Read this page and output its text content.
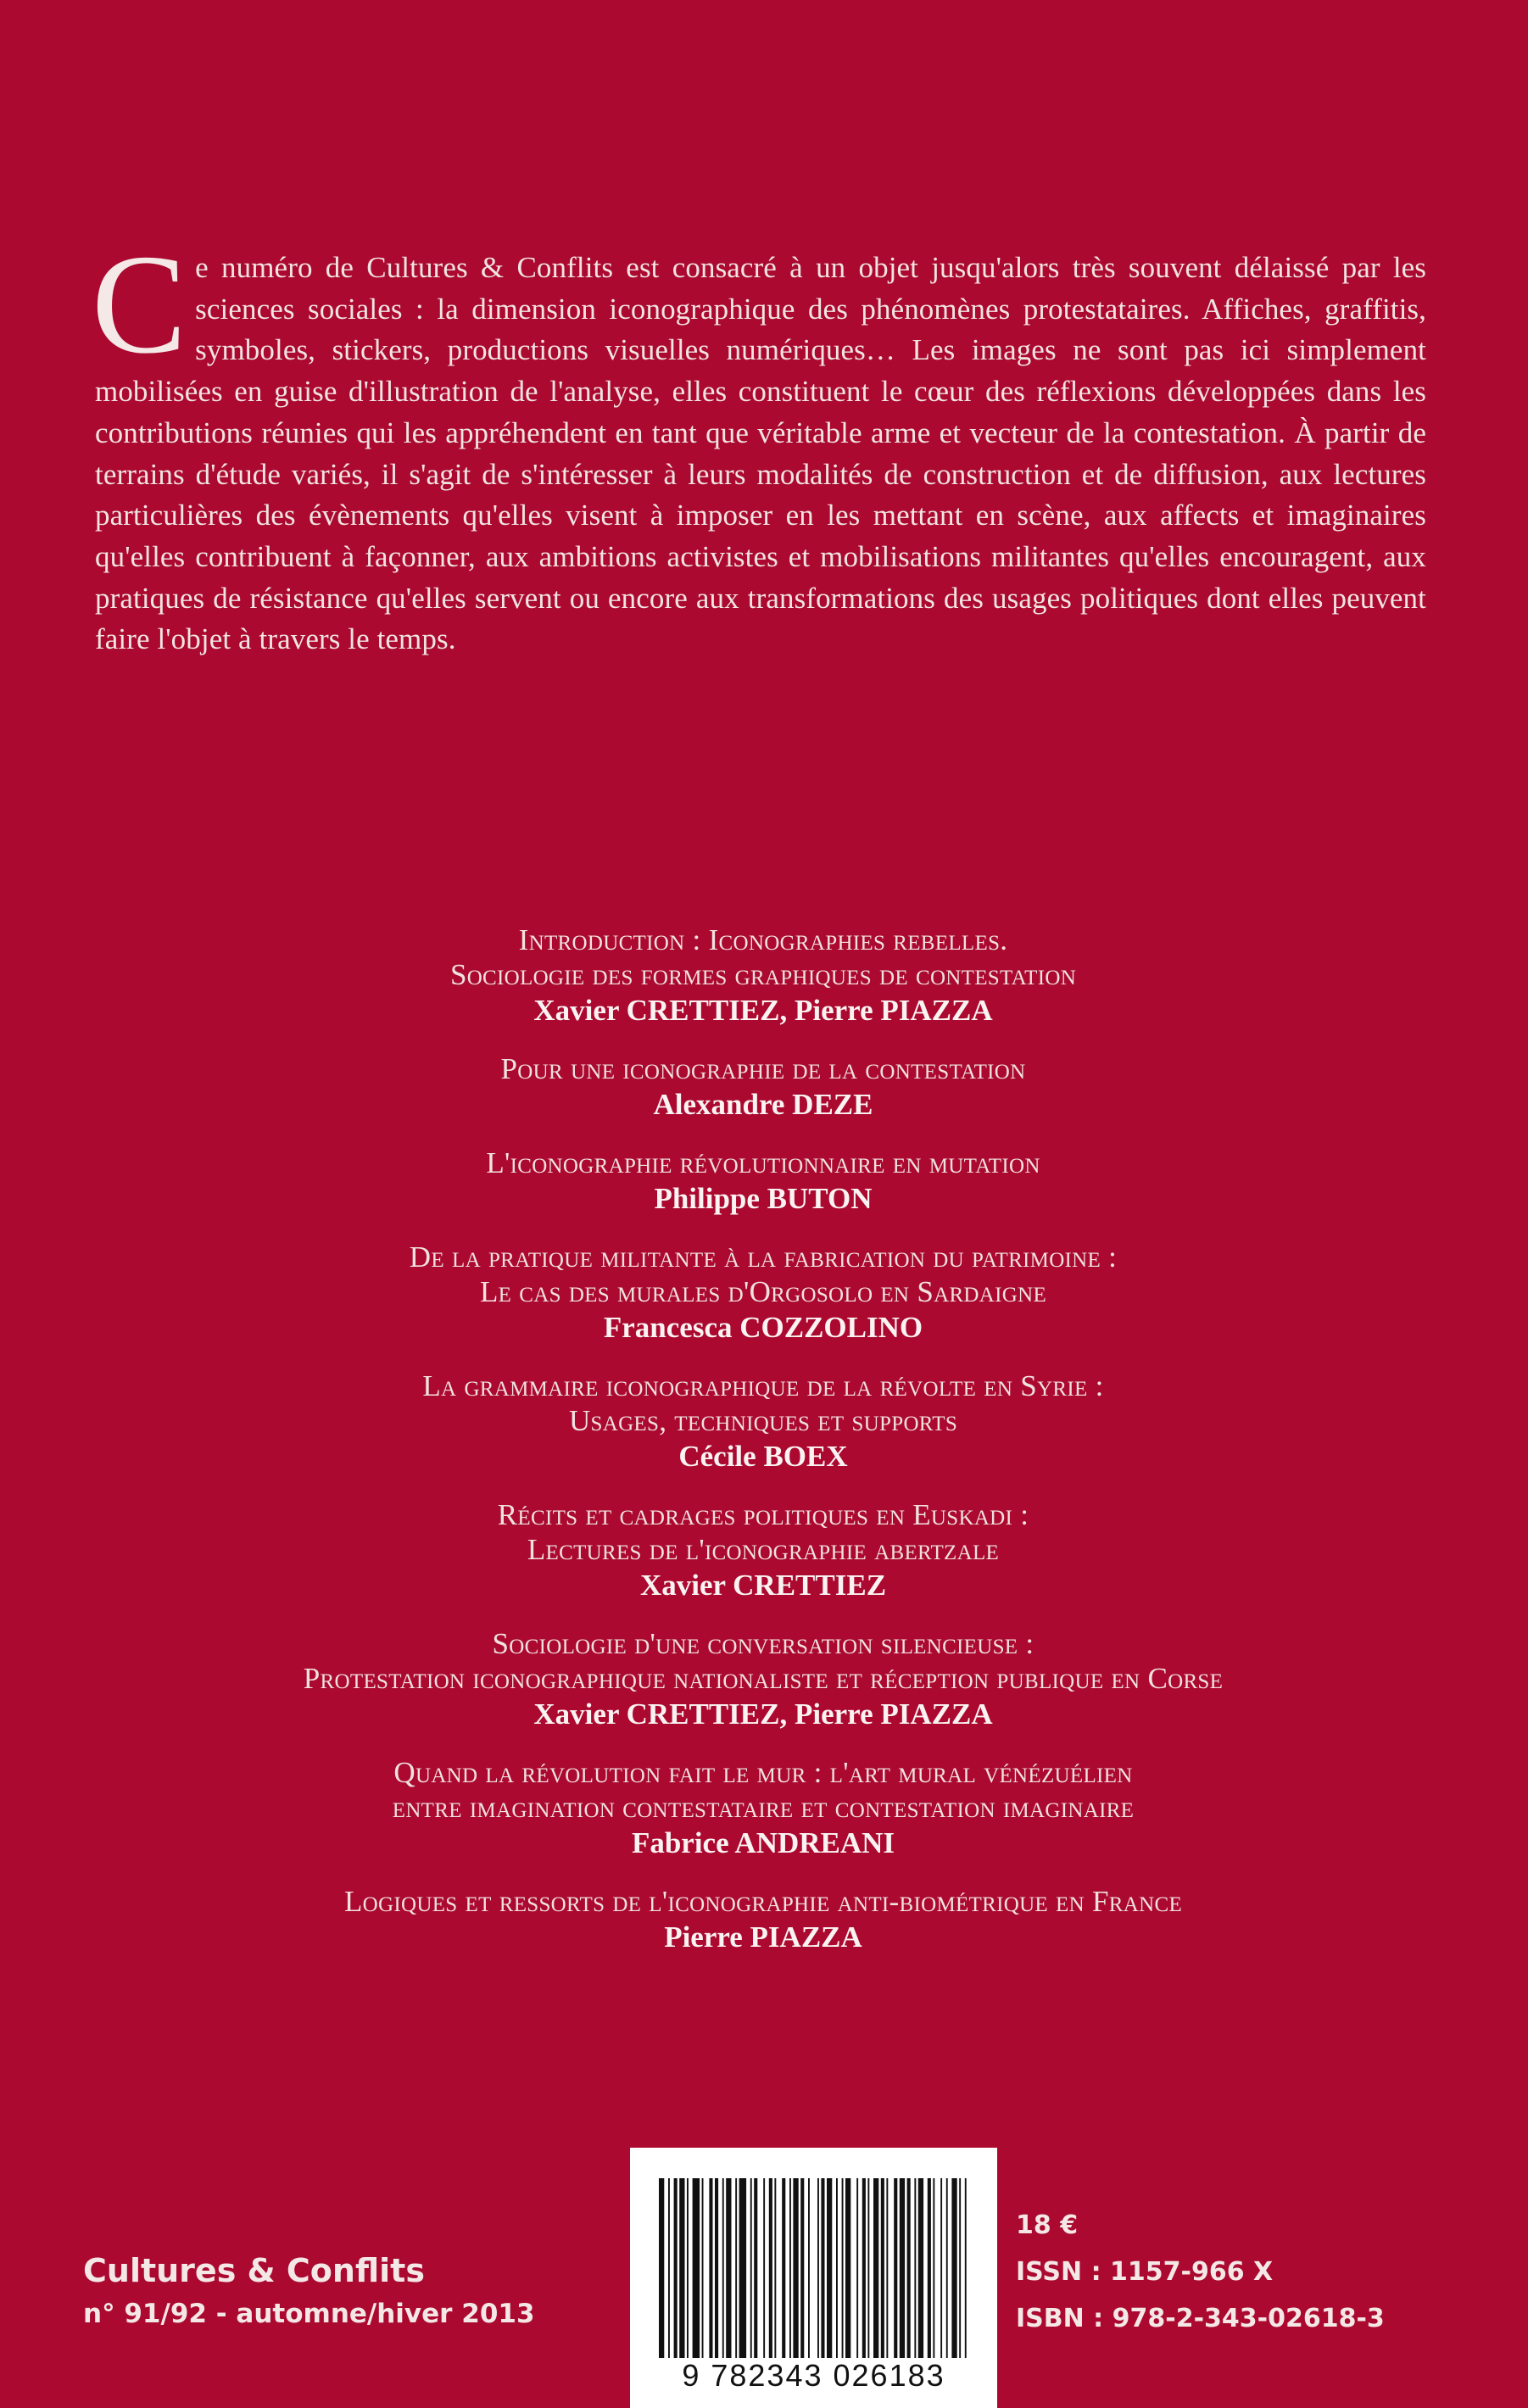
C e numéro de Cultures & Conflits est consacré à un objet jusqu'alors très souvent délaissé par les sciences sociales : la dimension iconographique des phénomènes protestataires. Affiches, graffitis, symboles, stickers, productions visuelles numériques… Les images ne sont pas ici simplement mobilisées en guise d'illustration de l'analyse, elles constituent le cœur des réflexions développées dans les contributions réunies qui les appréhendent en tant que véritable arme et vecteur de la contestation. À partir de terrains d'étude variés, il s'agit de s'intéresser à leurs modalités de construction et de diffusion, aux lectures particulières des évènements qu'elles visent à imposer en les mettant en scène, aux affects et imaginaires qu'elles contribuent à façonner, aux ambitions activistes et mobilisations militantes qu'elles encouragent, aux pratiques de résistance qu'elles servent ou encore aux transformations des usages politiques dont elles peuvent faire l'objet à travers le temps.

Introduction : Iconographies rebelles.
Sociologie des formes graphiques de contestation
Xavier CRETTIEZ, Pierre PIAZZA
Pour une iconographie de la contestation
Alexandre DEZE
L'iconographie révolutionnaire en mutation
Philippe BUTON
De la pratique militante à la fabrication du patrimoine :
Le cas des murales d'Orgosolo en Sardaigne
Francesca COZZOLINO
La grammaire iconographique de la révolte en Syrie :
Usages, techniques et supports
Cécile BOEX
Récits et cadrages politiques en Euskadi :
Lectures de l'iconographie abertzale
Xavier CRETTIEZ
Sociologie d'une conversation silencieuse :
Protestation iconographique nationaliste et réception publique en Corse
Xavier CRETTIEZ, Pierre PIAZZA
Quand la révolution fait le mur : l'art mural vénézuélien
entre imagination contestataire et contestation imaginaire
Fabrice ANDREANI
Logiques et ressorts de l'iconographie anti-biométrique en France
Pierre PIAZZA
Cultures & Conflits
n° 91/92 - automne/hiver 2013
9 782343 026183
18 €
ISSN : 1157-966 X
ISBN : 978-2-343-02618-3
